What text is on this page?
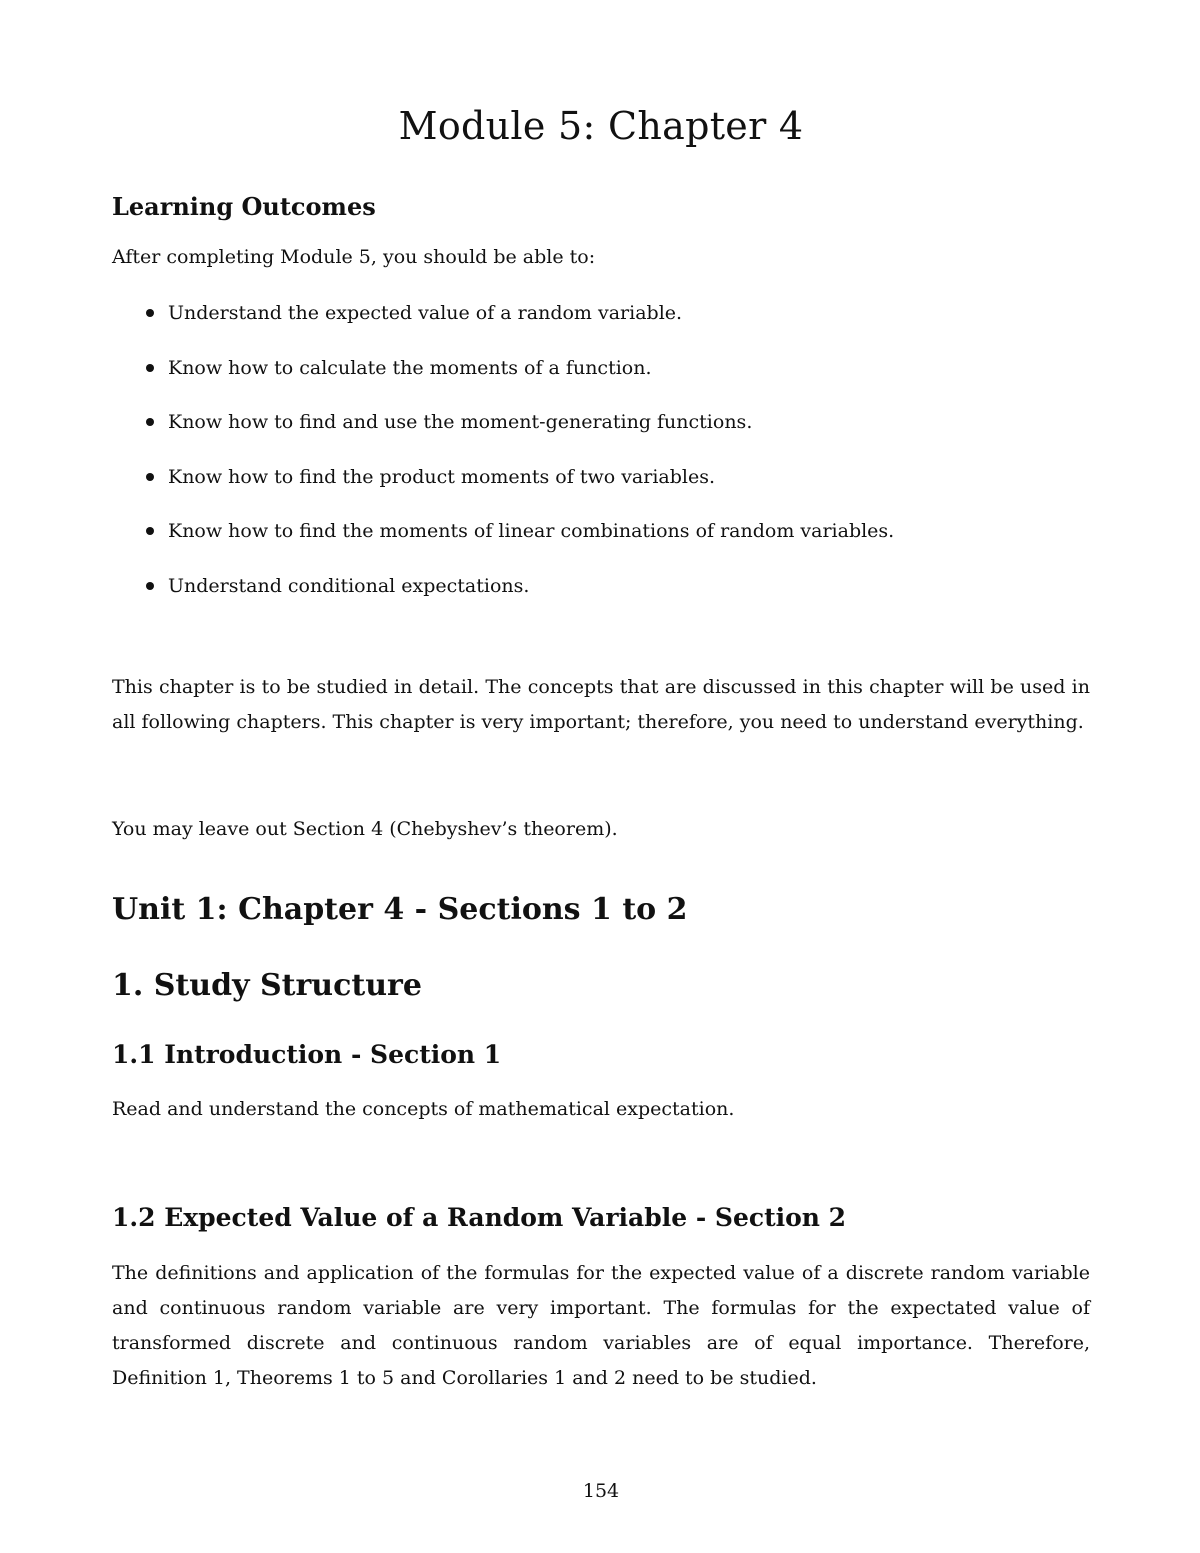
Module 5: Chapter 4
Learning Outcomes

After completing Module 5, you should be able to:

Understand the expected value of a random variable.
Know how to calculate the moments of a function.
Know how to find and use the moment-generating functions.
Know how to find the product moments of two variables.
Know how to find the moments of linear combinations of random variables.
Understand conditional expectations.

This chapter is to be studied in detail. The concepts that are discussed in this chapter will be used in all following chapters. This chapter is very important; therefore, you need to understand everything.

You may leave out Section 4 (Chebyshev’s theorem).

Unit 1: Chapter 4 - Sections 1 to 2
1. Study Structure
1.1 Introduction - Section 1

Read and understand the concepts of mathematical expectation.

1.2 Expected Value of a Random Variable - Section 2

The definitions and application of the formulas for the expected value of a discrete random variable and continuous random variable are very important. The formulas for the expectated value of transformed discrete and continuous random variables are of equal importance. Therefore, Definition 1, Theorems 1 to 5 and Corollaries 1 and 2 need to be studied.

154
